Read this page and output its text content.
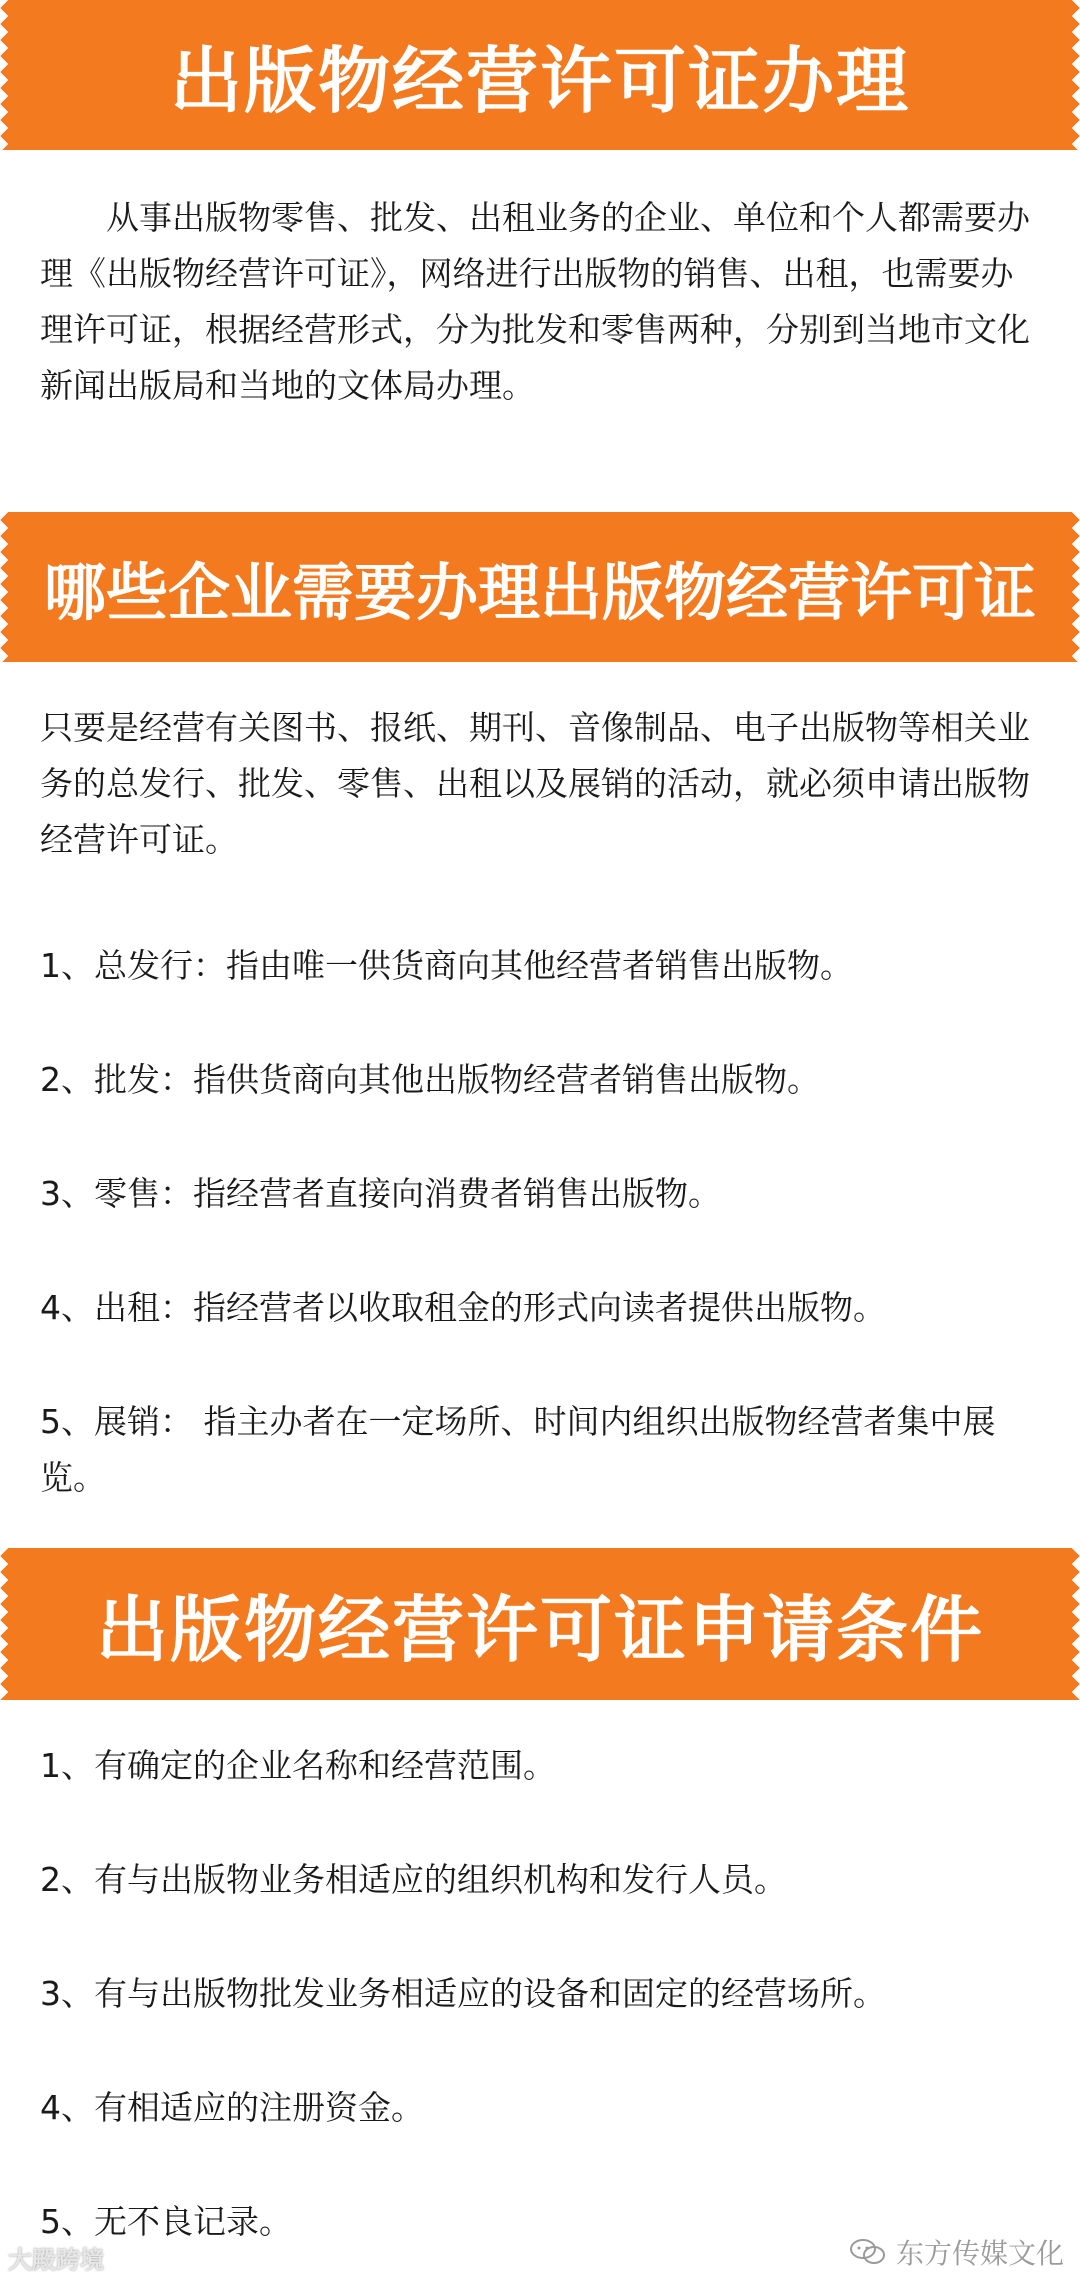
出版物经营许可证办理
从事出版物零售、批发、出租业务的企业、单位和个人都需要办理《出版物经营许可证》，网络进行出版物的销售、出租，也需要办理许可证，根据经营形式，分为批发和零售两种，分别到当地市文化新闻出版局和当地的文体局办理。
哪些企业需要办理出版物经营许可证
只要是经营有关图书、报纸、期刊、音像制品、电子出版物等相关业务的总发行、批发、零售、出租以及展销的活动，就必须申请出版物经营许可证。
1、总发行：指由唯一供货商向其他经营者销售出版物。
2、批发：指供货商向其他出版物经营者销售出版物。
3、零售：指经营者直接向消费者销售出版物。
4、出租：指经营者以收取租金的形式向读者提供出版物。
5、展销： 指主办者在一定场所、时间内组织出版物经营者集中展览。
出版物经营许可证申请条件
1、有确定的企业名称和经营范围。
2、有与出版物业务相适应的组织机构和发行人员。
3、有与出版物批发业务相适应的设备和固定的经营场所。
4、有相适应的注册资金。
5、无不良记录。
大殿跨境	东方传媒文化
